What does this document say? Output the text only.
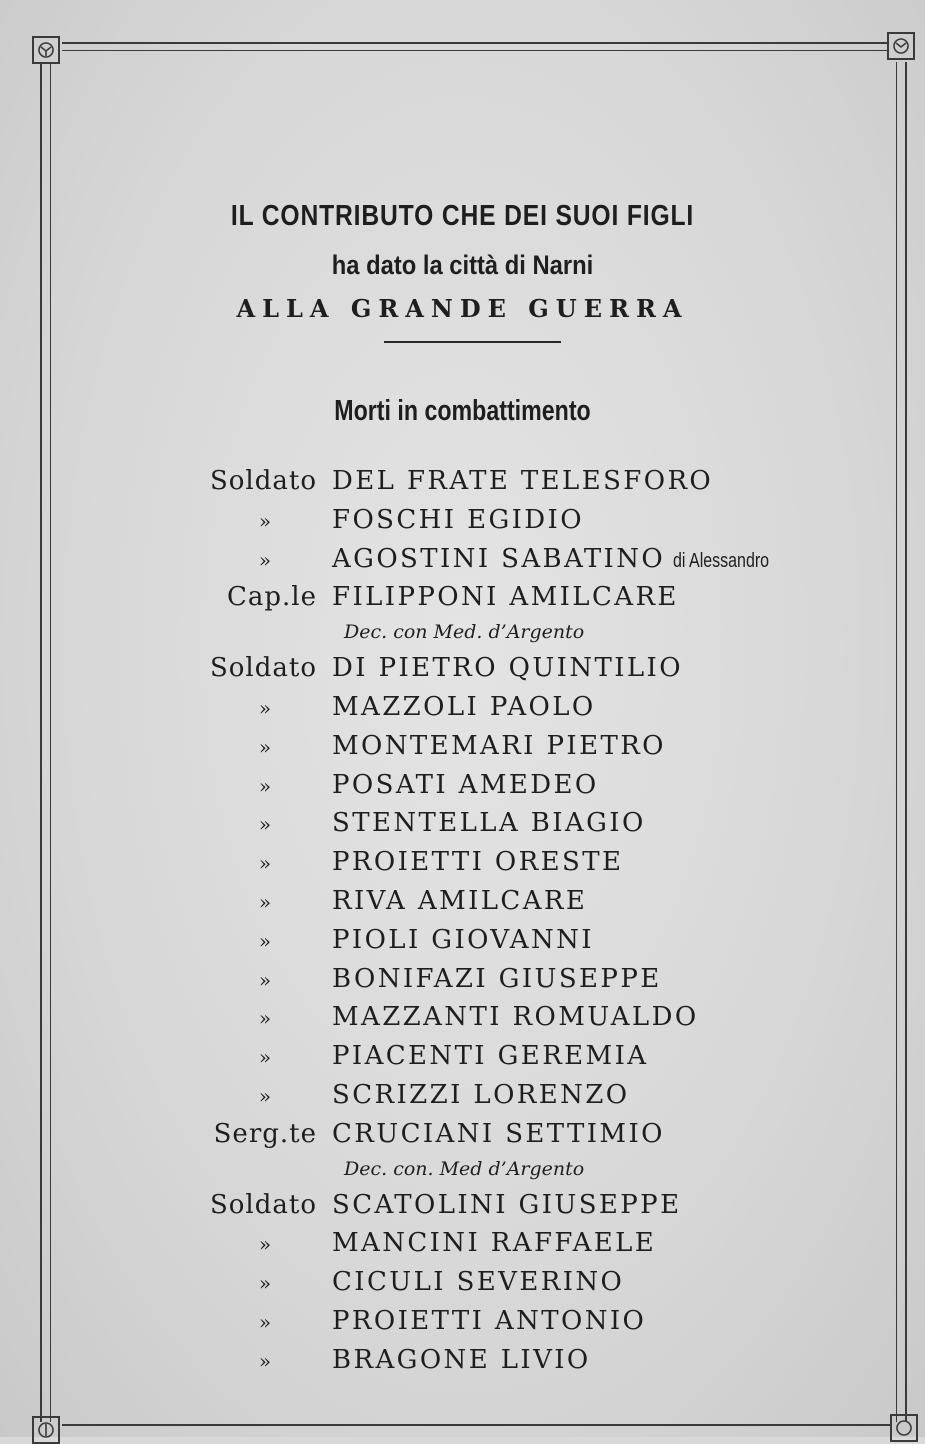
IL CONTRIBUTO CHE DEI SUOI FIGLI
ha dato la città di Narni
ALLA GRANDE GUERRA
Morti in combattimento
Soldato DEL FRATE TELESFORO
» FOSCHI EGIDIO
» AGOSTINI SABATINO di Alessandro
Cap.le FILIPPONI AMILCARE
Dec. con Med. d’Argento
Soldato DI PIETRO QUINTILIO
» MAZZOLI PAOLO
» MONTEMARI PIETRO
» POSATI AMEDEO
» STENTELLA BIAGIO
» PROIETTI ORESTE
» RIVA AMILCARE
» PIOLI GIOVANNI
» BONIFAZI GIUSEPPE
» MAZZANTI ROMUALDO
» PIACENTI GEREMIA
» SCRIZZI LORENZO
Serg.te CRUCIANI SETTIMIO
Dec. con. Med d’Argento
Soldato SCATOLINI GIUSEPPE
» MANCINI RAFFAELE
» CICULI SEVERINO
» PROIETTI ANTONIO
» BRAGONE LIVIO
